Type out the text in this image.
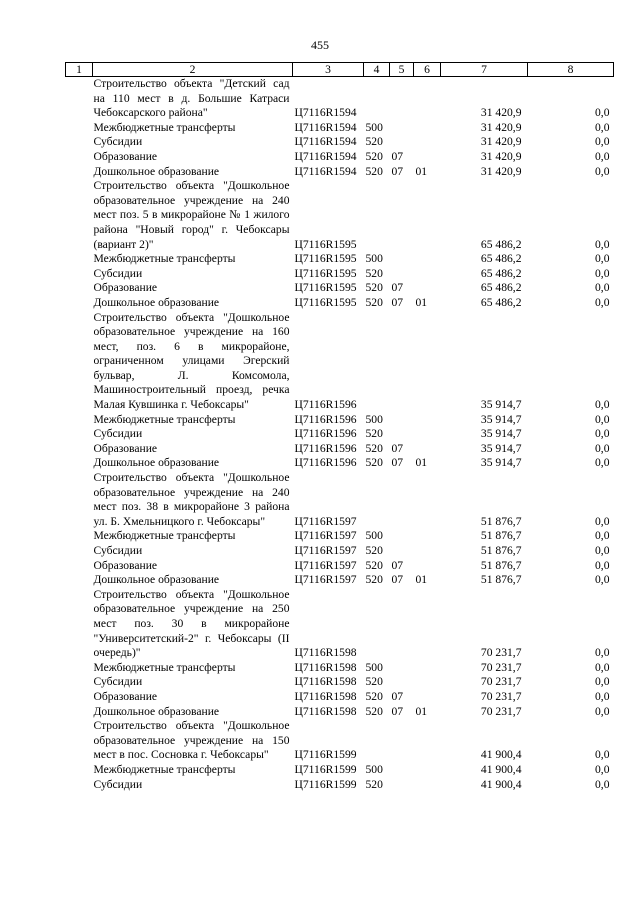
455
1	2	3	4	5	6	7	8
	Строительство объекта "Детский сад на 110 мест в д. Большие Катраси Чебоксарского района"	Ц7116R1594				31 420,9	0,0
	Межбюджетные трансферты	Ц7116R1594	500			31 420,9	0,0
	Субсидии	Ц7116R1594	520			31 420,9	0,0
	Образование	Ц7116R1594	520	07		31 420,9	0,0
	Дошкольное образование	Ц7116R1594	520	07	01	31 420,9	0,0
	Строительство объекта "Дошкольное образовательное учреждение на 240 мест поз. 5 в микрорайоне № 1 жилого района "Новый город" г. Чебоксары (вариант 2)"	Ц7116R1595				65 486,2	0,0
	Межбюджетные трансферты	Ц7116R1595	500			65 486,2	0,0
	Субсидии	Ц7116R1595	520			65 486,2	0,0
	Образование	Ц7116R1595	520	07		65 486,2	0,0
	Дошкольное образование	Ц7116R1595	520	07	01	65 486,2	0,0
	Строительство объекта "Дошкольное образовательное учреждение на 160 мест, поз. 6 в микрорайоне, ограниченном улицами Эгерский бульвар, Л. Комсомола, Машиностроительный проезд, речка Малая Кувшинка г. Чебоксары"	Ц7116R1596				35 914,7	0,0
	Межбюджетные трансферты	Ц7116R1596	500			35 914,7	0,0
	Субсидии	Ц7116R1596	520			35 914,7	0,0
	Образование	Ц7116R1596	520	07		35 914,7	0,0
	Дошкольное образование	Ц7116R1596	520	07	01	35 914,7	0,0
	Строительство объекта "Дошкольное образовательное учреждение на 240 мест поз. 38 в микрорайоне 3 района ул. Б. Хмельницкого г. Чебоксары"	Ц7116R1597				51 876,7	0,0
	Межбюджетные трансферты	Ц7116R1597	500			51 876,7	0,0
	Субсидии	Ц7116R1597	520			51 876,7	0,0
	Образование	Ц7116R1597	520	07		51 876,7	0,0
	Дошкольное образование	Ц7116R1597	520	07	01	51 876,7	0,0
	Строительство объекта "Дошкольное образовательное учреждение на 250 мест поз. 30 в микрорайоне "Университетский-2" г. Чебоксары (II очередь)"	Ц7116R1598				70 231,7	0,0
	Межбюджетные трансферты	Ц7116R1598	500			70 231,7	0,0
	Субсидии	Ц7116R1598	520			70 231,7	0,0
	Образование	Ц7116R1598	520	07		70 231,7	0,0
	Дошкольное образование	Ц7116R1598	520	07	01	70 231,7	0,0
	Строительство объекта "Дошкольное образовательное учреждение на 150 мест в пос. Сосновка г. Чебоксары"	Ц7116R1599				41 900,4	0,0
	Межбюджетные трансферты	Ц7116R1599	500			41 900,4	0,0
	Субсидии	Ц7116R1599	520			41 900,4	0,0
